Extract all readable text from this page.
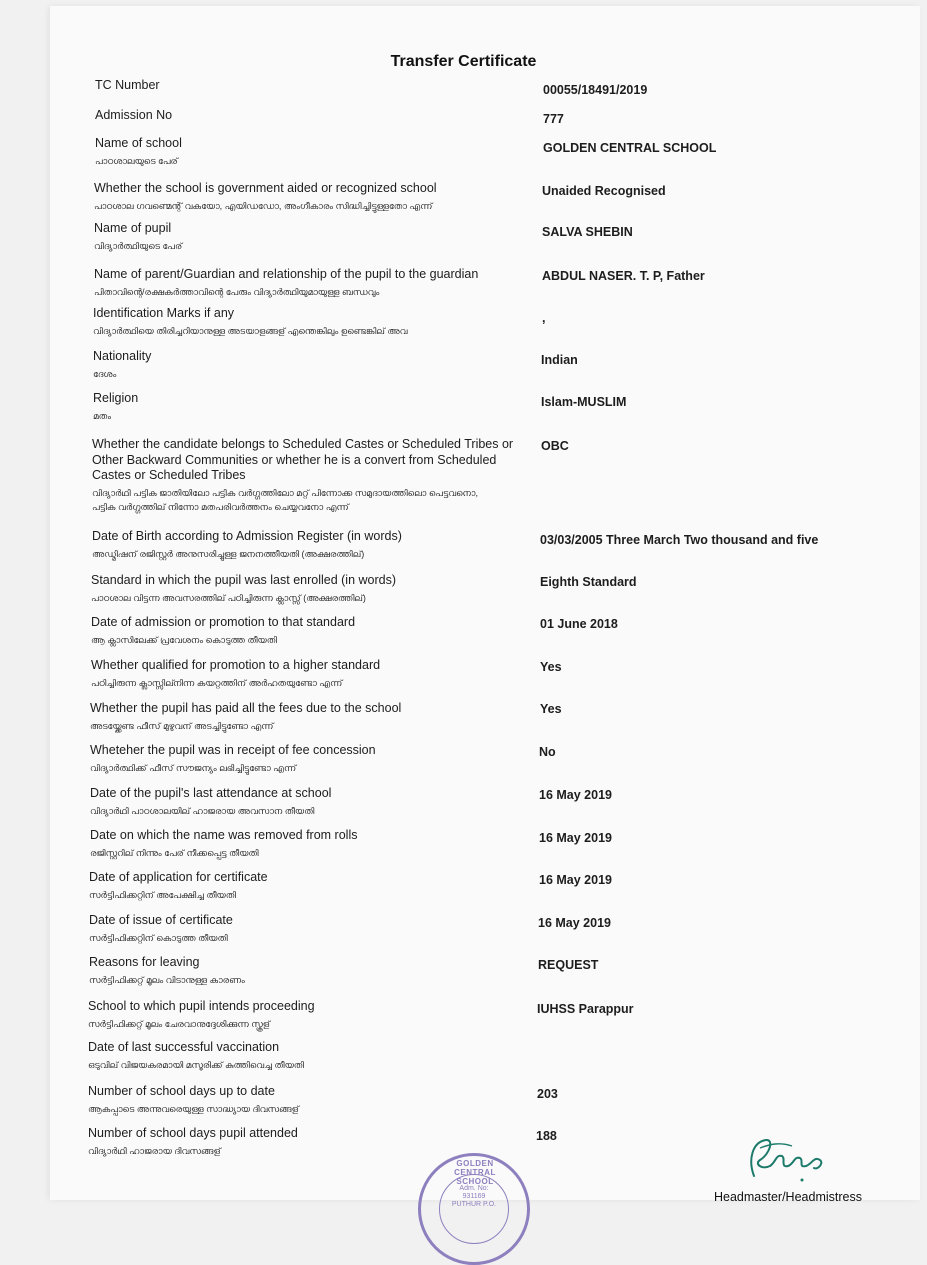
Transfer Certificate
TC Number	00055/18491/2019
Admission No	777
Name of school
പാഠശാലയുടെ പേര്
GOLDEN CENTRAL SCHOOL
Whether the school is government aided or recognized school
പാഠശാല ഗവണ്മെന്റ് വകയോ, എയിഡഡോ, അംഗീകാരം സിദ്ധിച്ചിട്ടുള്ളതോ എന്ന്
Unaided Recognised
Name of pupil
വിദ്യാർത്ഥിയുടെ പേര്
SALVA SHEBIN
Name of parent/Guardian and relationship of the pupil to the guardian
പിതാവിന്റെ/രക്ഷകർത്താവിന്റെ പേരും വിദ്യാർത്ഥിയുമായുള്ള ബന്ധവും
ABDUL NASER. T. P, Father
Identification Marks if any
വിദ്യാർത്ഥിയെ തിരിച്ചറിയാനുള്ള അടയാളങ്ങള് എന്തെങ്കിലും ഉണ്ടെങ്കില് അവ
,
Nationality
ദേശം
Indian
Religion
മതം
Islam-MUSLIM
Whether the candidate belongs to Scheduled Castes or Scheduled Tribes or Other Backward Communities or whether he is a convert from Scheduled Castes or Scheduled Tribes
വിദ്യാർഥി പട്ടിക ജാതിയിലോ പട്ടിക വർഗ്ഗത്തിലോ മറ്റ് പിന്നോക്ക സമുദായത്തിലൊ പെട്ടവനൊ, പട്ടിക വർഗ്ഗത്തില് നിന്നോ മതപരിവർത്തനം ചെയ്യവനോ എന്ന്
OBC
Date of Birth according to Admission Register (in words)
അഡ്മിഷന് രജിസ്റ്റർ അനുസരിച്ചുള്ള ജനനത്തീയതി (അക്ഷരത്തില്)
03/03/2005 Three March Two thousand and five
Standard in which the pupil was last enrolled (in words)
പാഠശാല വിട്ടന്ന അവസരത്തില് പഠിച്ചിരുന്ന ക്ലാസ്സ് (അക്ഷരത്തില്)
Eighth Standard
Date of admission or promotion to that standard
ആ ക്ലാസിലേക്ക് പ്രവേശനം കൊടുത്ത തീയതി
01 June 2018
Whether qualified for promotion to a higher standard
പഠിച്ചിരുന്ന ക്ലാസ്സില്നിന്ന കയറ്റത്തിന് അർഹതയുണ്ടോ എന്ന്
Yes
Whether the pupil has paid all the fees due to the school
അടയ്ക്കേണ്ട ഫീസ് മുഴുവന് അടച്ചിട്ടുണ്ടോ എന്ന്
Yes
Wheteher the pupil was in receipt of fee concession
വിദ്യാർത്ഥിക്ക് ഫീസ് സൗജന്യം ലഭിച്ചിട്ടുണ്ടോ എന്ന്
No
Date of the pupil's last attendance at school
വിദ്യാർഥി പാഠശാലയില് ഹാജരായ അവസാന തീയതി
16 May 2019
Date on which the name was removed from rolls
രജിസ്റ്ററില് നിന്നും പേര് നീക്കപ്പെട്ട തീയതി
16 May 2019
Date of application for certificate
സർട്ടിഫിക്കറ്റിന് അപേക്ഷിച്ച തീയതി
16 May 2019
Date of issue of certificate
സർട്ടിഫിക്കറ്റിന് കൊടുത്ത തീയതി
16 May 2019
Reasons for leaving
സർട്ടിഫിക്കറ്റ് മൂലം വിടാനുള്ള കാരണം
REQUEST
School to which pupil intends proceeding
സർട്ടിഫിക്കറ്റ് മൂലം ചേരവാനുദ്ദേശിക്കുന്ന സ്കൂള്
IUHSS Parappur
Date of last successful vaccination
ഒടുവില് വിജയകരമായി മസൂരിക്ക് കുത്തിവെച്ച തീയതി
Number of school days up to date
ആകപ്പാടെ അന്നുവരെയുള്ള സാദ്ധ്യായ ദിവസങ്ങള്
203
Number of school days pupil attended
വിദ്യാർഥി ഹാജരായ ദിവസങ്ങള്
188
GOLDEN CENTRAL SCHOOL
Adm. No:
931169
PUTHUR P.O.
Headmaster/Headmistress
